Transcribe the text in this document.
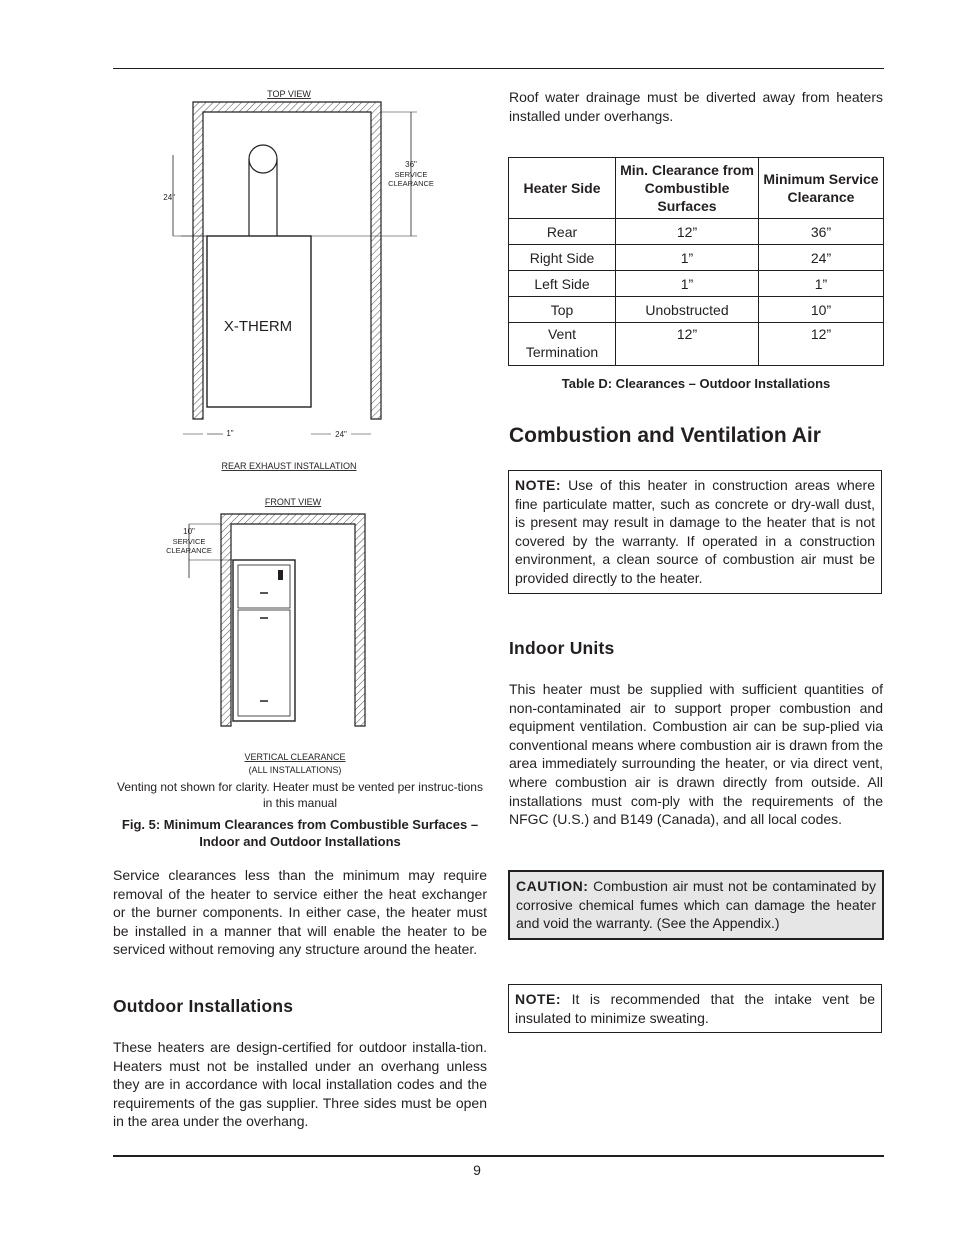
TOP VIEW
X-THERM
24"
36"
SERVICE
CLEARANCE
1"	24"
REAR EXHAUST INSTALLATION
FRONT VIEW
10"
SERVICE
CLEARANCE
VERTICAL CLEARANCE
(ALL INSTALLATIONS)
Venting not shown for clarity. Heater must be vented per instruc-tions in this manual
Fig. 5: Minimum Clearances from Combustible Surfaces – Indoor and Outdoor Installations

Service clearances less than the minimum may require removal of the heater to service either the heat exchanger or the burner components. In either case, the heater must be installed in a manner that will enable the heater to be serviced without removing any structure around the heater.

Outdoor Installations

These heaters are design-certified for outdoor installa-tion. Heaters must not be installed under an overhang unless they are in accordance with local installation codes and the requirements of the gas supplier. Three sides must be open in the area under the overhang.

Roof water drainage must be diverted away from heaters installed under overhangs.

Heater Side	Min. Clearance from Combustible Surfaces	Minimum Service Clearance
Rear	12”	36”
Right Side	1”	24”
Left Side	1”	1”
Top	Unobstructed	10”
Vent Termination	12”	12”
Table D: Clearances – Outdoor Installations
Combustion and Ventilation Air
NOTE: Use of this heater in construction areas where fine particulate matter, such as concrete or dry-wall dust, is present may result in damage to the heater that is not covered by the warranty. If operated in a construction environment, a clean source of combustion air must be provided directly to the heater.
Indoor Units

This heater must be supplied with sufficient quantities of non-contaminated air to support proper combustion and equipment ventilation. Combustion air can be sup-plied via conventional means where combustion air is drawn from the area immediately surrounding the heater, or via direct vent, where combustion air is drawn directly from outside. All installations must com-ply with the requirements of the NFGC (U.S.) and B149 (Canada), and all local codes.

CAUTION: Combustion air must not be contaminated by corrosive chemical fumes which can damage the heater and void the warranty. (See the Appendix.)
NOTE: It is recommended that the intake vent be insulated to minimize sweating.
9
